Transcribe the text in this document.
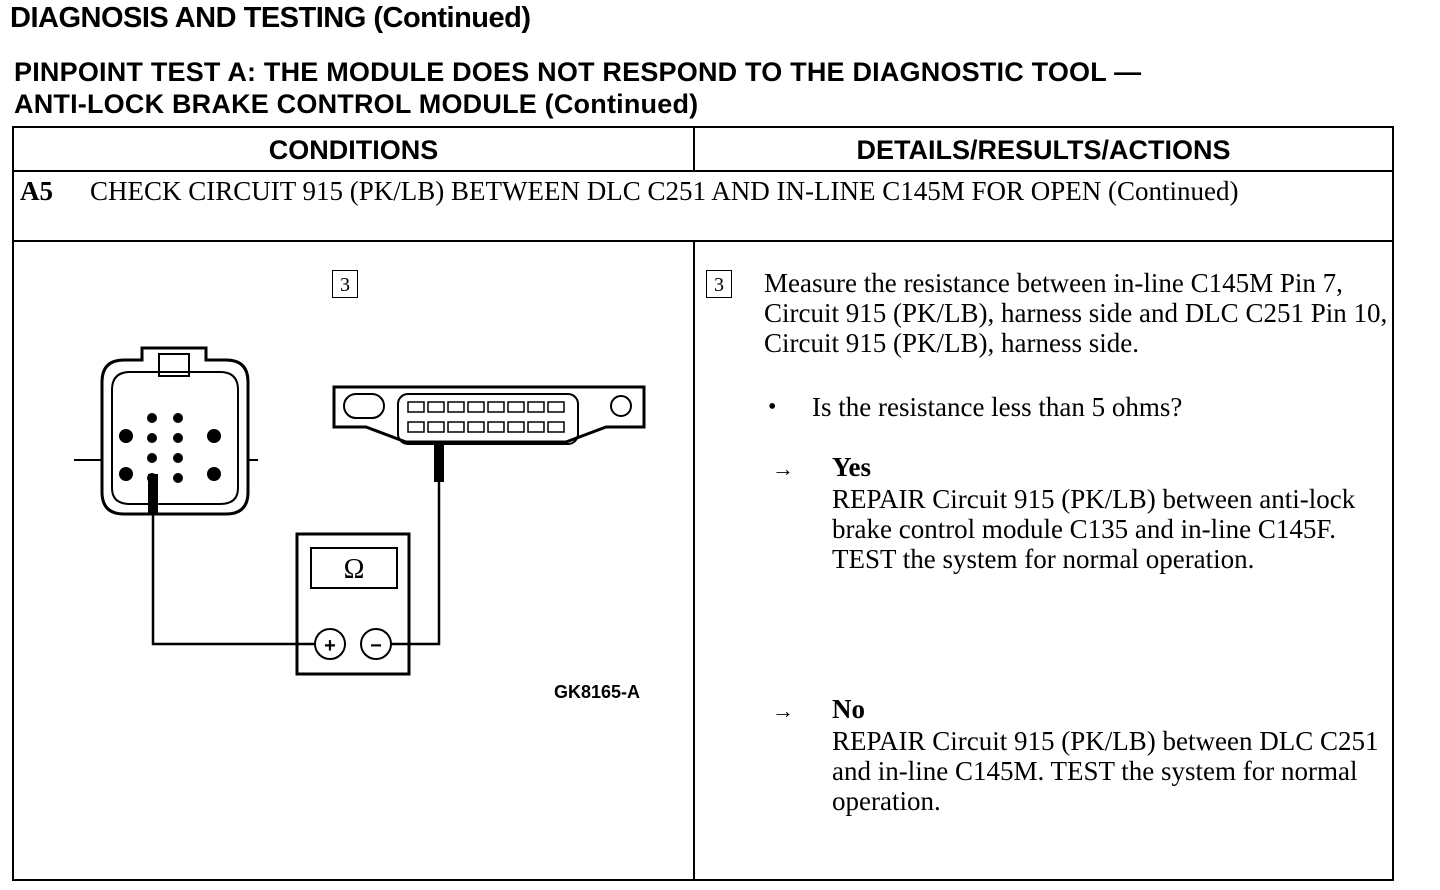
DIAGNOSIS AND TESTING (Continued)
PINPOINT TEST A: THE MODULE DOES NOT RESPOND TO THE DIAGNOSTIC TOOL —
ANTI-LOCK BRAKE CONTROL MODULE (Continued)
CONDITIONS	DETAILS/RESULTS/ACTIONS
A5 CHECK CIRCUIT 915 (PK/LB) BETWEEN DLC C251 AND IN-LINE C145M FOR OPEN (Continued)
Ω
+ −
3
GK8165-A
3 Measure the resistance between in-line C145M Pin 7, Circuit 915 (PK/LB), harness side and DLC C251 Pin 10, Circuit 915 (PK/LB), harness side.
• Is the resistance less than 5 ohms?
→ Yes
REPAIR Circuit 915 (PK/LB) between anti-lock brake control module C135 and in-line C145F. TEST the system for normal operation.
→ No
REPAIR Circuit 915 (PK/LB) between DLC C251 and in-line C145M. TEST the system for normal operation.
